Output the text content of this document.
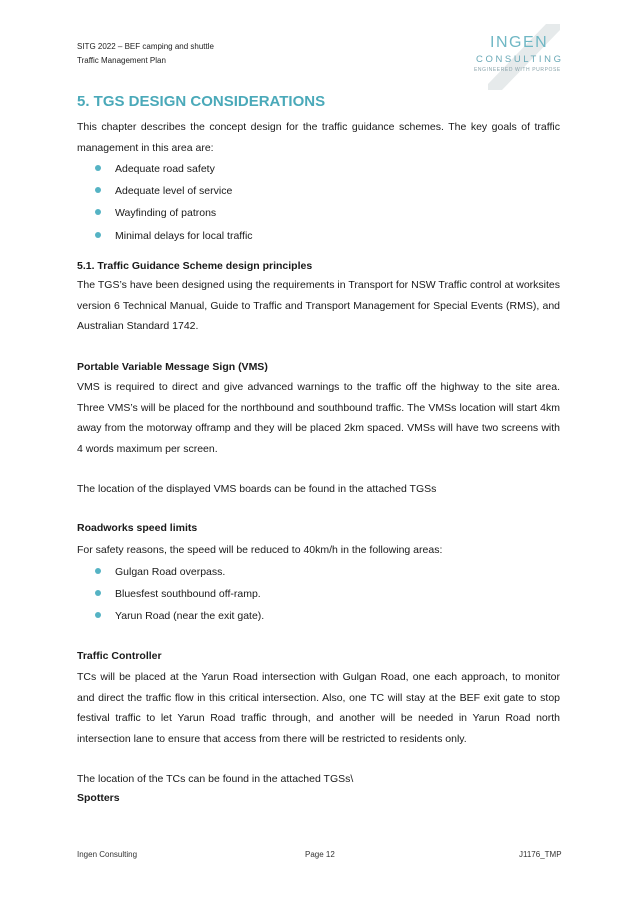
SITG 2022 – BEF camping and shuttle
Traffic Management Plan
INGEN
CONSULTING
ENGINEERED WITH PURPOSE
5. TGS DESIGN CONSIDERATIONS
This chapter describes the concept design for the traffic guidance schemes. The key goals of traffic management in this area are:
Adequate road safety
Adequate level of service
Wayfinding of patrons
Minimal delays for local traffic
5.1. Traffic Guidance Scheme design principles
The TGS’s have been designed using the requirements in Transport for NSW Traffic control at worksites version 6 Technical Manual, Guide to Traffic and Transport Management for Special Events (RMS), and Australian Standard 1742.
Portable Variable Message Sign (VMS)
VMS is required to direct and give advanced warnings to the traffic off the highway to the site area. Three VMS’s will be placed for the northbound and southbound traffic. The VMSs location will start 4km away from the motorway offramp and they will be placed 2km spaced. VMSs will have two screens with 4 words maximum per screen.
The location of the displayed VMS boards can be found in the attached TGSs
Roadworks speed limits
For safety reasons, the speed will be reduced to 40km/h in the following areas:
Gulgan Road overpass.
Bluesfest southbound off-ramp.
Yarun Road (near the exit gate).
Traffic Controller
TCs will be placed at the Yarun Road intersection with Gulgan Road, one each approach, to monitor and direct the traffic flow in this critical intersection. Also, one TC will stay at the BEF exit gate to stop festival traffic to let Yarun Road traffic through, and another will be needed in Yarun Road north intersection lane to ensure that access from there will be restricted to residents only.
The location of the TCs can be found in the attached TGSs\
Spotters
Ingen Consulting	Page 12	J1176_TMP
